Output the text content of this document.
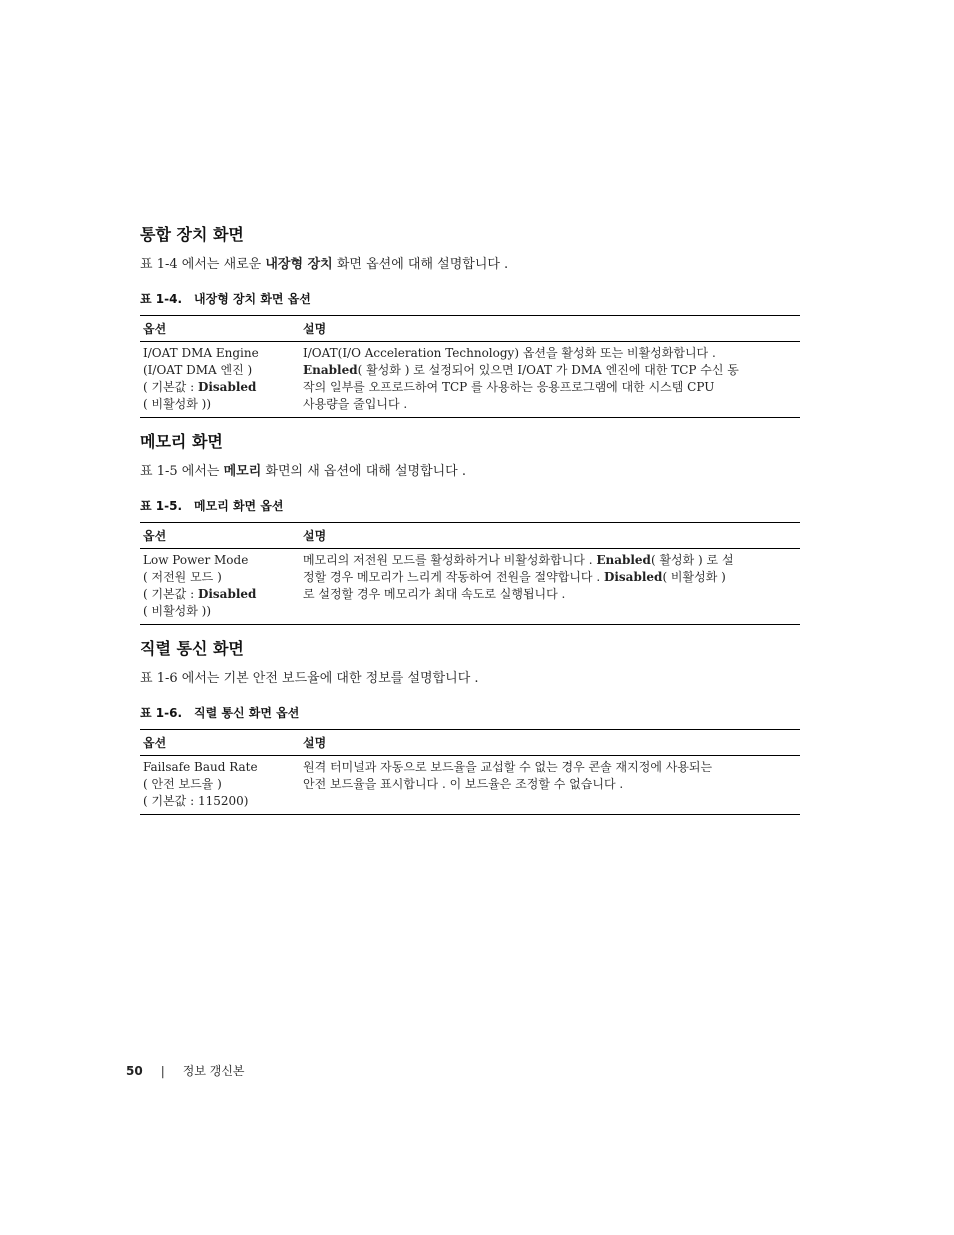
통합 장치 화면

표 1-4 에서는 새로운 내장형 장치 화면 옵션에 대해 설명합니다 .

표 1-4. 내장형 장치 화면 옵션
옵션	설명

I/OAT DMA Engine
(I/OAT DMA 엔진 )
( 기본값 : Disabled
( 비활성화 ))	I/OAT(I/O Acceleration Technology) 옵션을 활성화 또는 비활성화합니다 .
Enabled( 활성화 ) 로 설정되어 있으면 I/OAT 가 DMA 엔진에 대한 TCP 수신 동
작의 일부를 오프로드하여 TCP 를 사용하는 응용프로그램에 대한 시스템 CPU
사용량을 줄입니다 .
메모리 화면

표 1-5 에서는 메모리 화면의 새 옵션에 대해 설명합니다 .

표 1-5. 메모리 화면 옵션
옵션	설명

Low Power Mode
( 저전원 모드 )
( 기본값 : Disabled
( 비활성화 ))	메모리의 저전원 모드를 활성화하거나 비활성화합니다 . Enabled( 활성화 ) 로 설
정할 경우 메모리가 느리게 작동하여 전원을 절약합니다 . Disabled( 비활성화 )
로 설정할 경우 메모리가 최대 속도로 실행됩니다 .
직렬 통신 화면

표 1-6 에서는 기본 안전 보드율에 대한 정보를 설명합니다 .

표 1-6. 직렬 통신 화면 옵션
옵션	설명

Failsafe Baud Rate
( 안전 보드율 )
( 기본값 : 115200)	원격 터미널과 자동으로 보드율을 교섭할 수 없는 경우 콘솔 재지정에 사용되는
안전 보드율을 표시합니다 . 이 보드율은 조정할 수 없습니다 .
50 | 정보 갱신본
